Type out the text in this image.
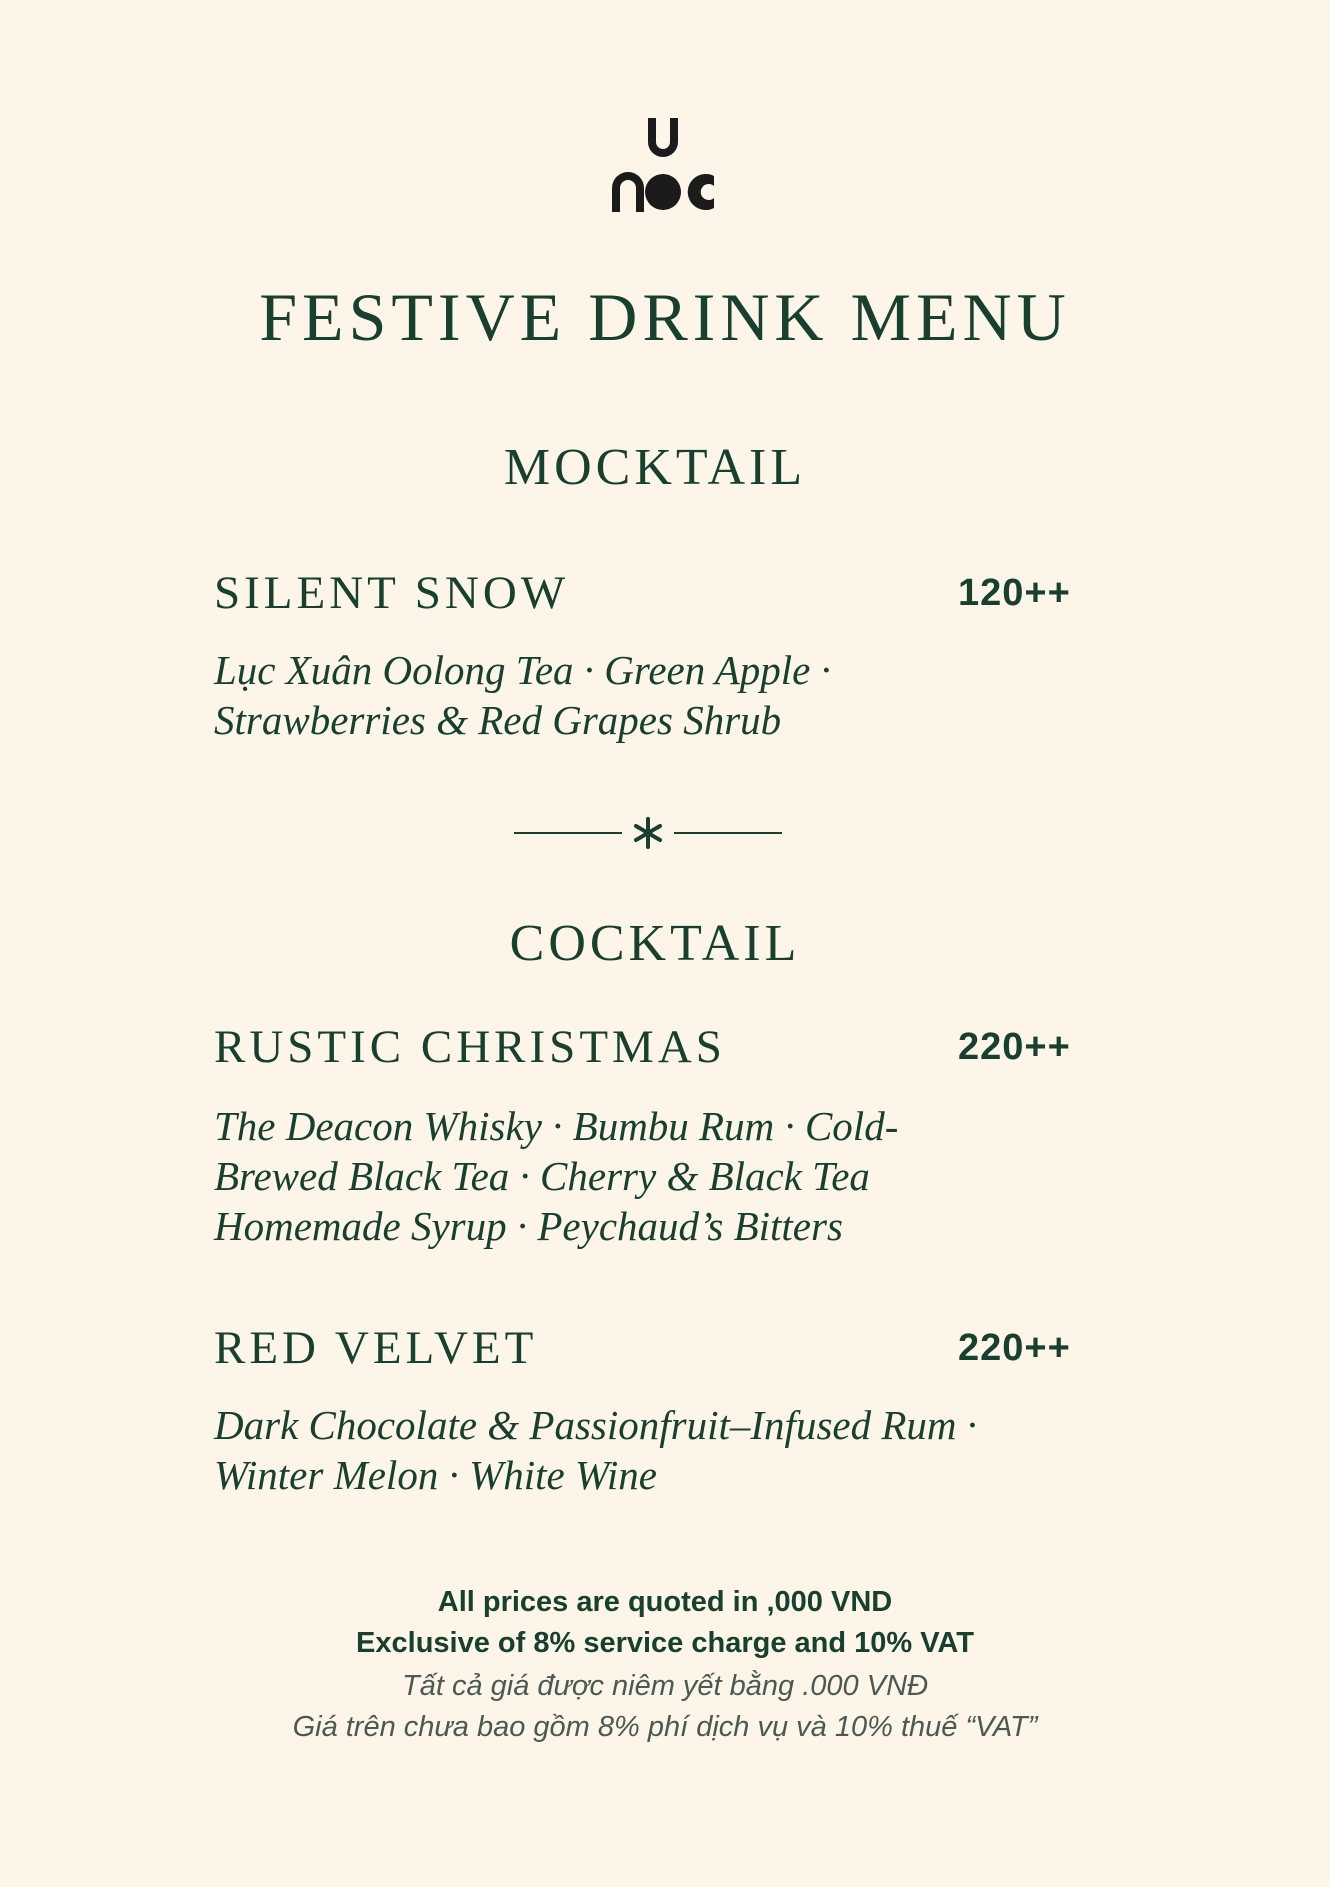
FESTIVE DRINK MENU
MOCKTAIL
SILENT SNOW	120++
Lục Xuân Oolong Tea · Green Apple ·
Strawberries & Red Grapes Shrub
COCKTAIL
RUSTIC CHRISTMAS	220++
The Deacon Whisky · Bumbu Rum · Cold-
Brewed Black Tea · Cherry & Black Tea
Homemade Syrup · Peychaud’s Bitters
RED VELVET	220++
Dark Chocolate & Passionfruit–Infused Rum ·
Winter Melon · White Wine
All prices are quoted in ,000 VND
Exclusive of 8% service charge and 10% VAT
Tất cả giá được niêm yết bằng .000 VNĐ
Giá trên chưa bao gồm 8% phí dịch vụ và 10% thuế “VAT”
